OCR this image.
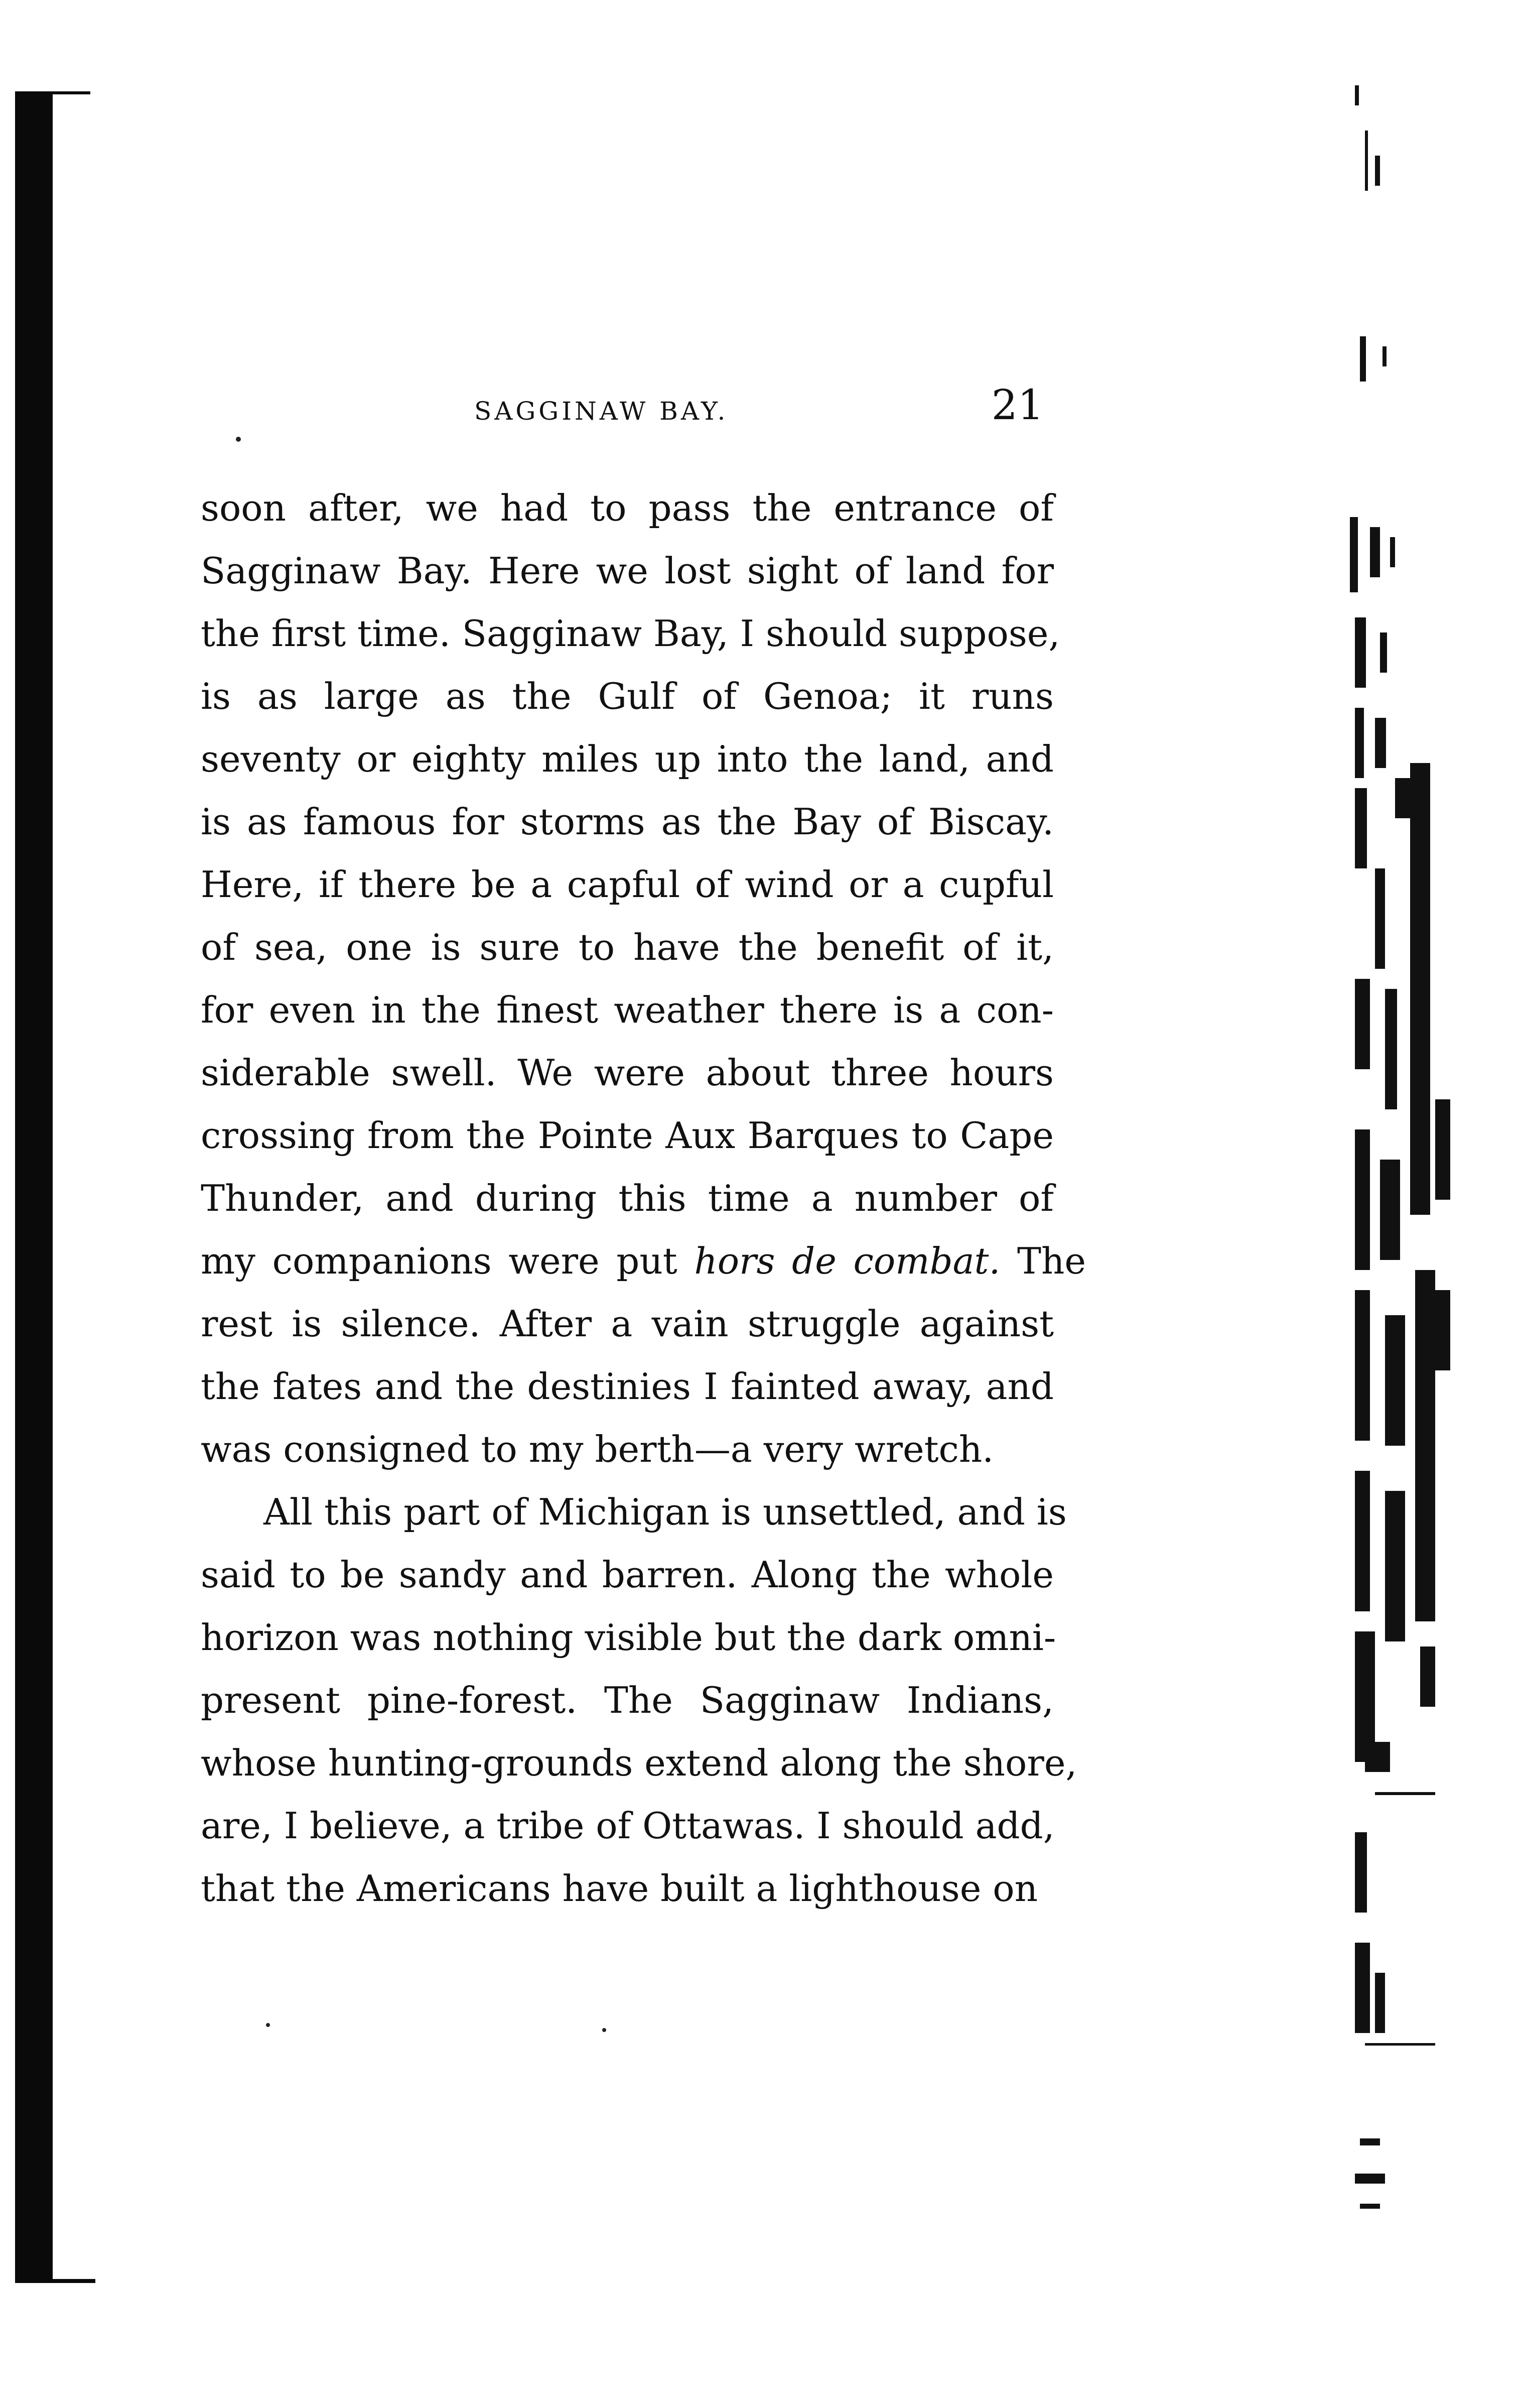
SAGGINAW BAY.	21
soon after, we had to pass the entrance of
Sagginaw Bay. Here we lost sight of land for
the first time. Sagginaw Bay, I should suppose,
is as large as the Gulf of Genoa; it runs
seventy or eighty miles up into the land, and
is as famous for storms as the Bay of Biscay.
Here, if there be a capful of wind or a cupful
of sea, one is sure to have the benefit of it,
for even in the finest weather there is a con-
siderable swell. We were about three hours
crossing from the Pointe Aux Barques to Cape
Thunder, and during this time a number of
my companions were put hors de combat. The
rest is silence. After a vain struggle against
the fates and the destinies I fainted away, and
was consigned to my berth—a very wretch.
All this part of Michigan is unsettled, and is
said to be sandy and barren. Along the whole
horizon was nothing visible but the dark omni-
present pine-forest. The Sagginaw Indians,
whose hunting-grounds extend along the shore,
are, I believe, a tribe of Ottawas. I should add,
that the Americans have built a lighthouse on
